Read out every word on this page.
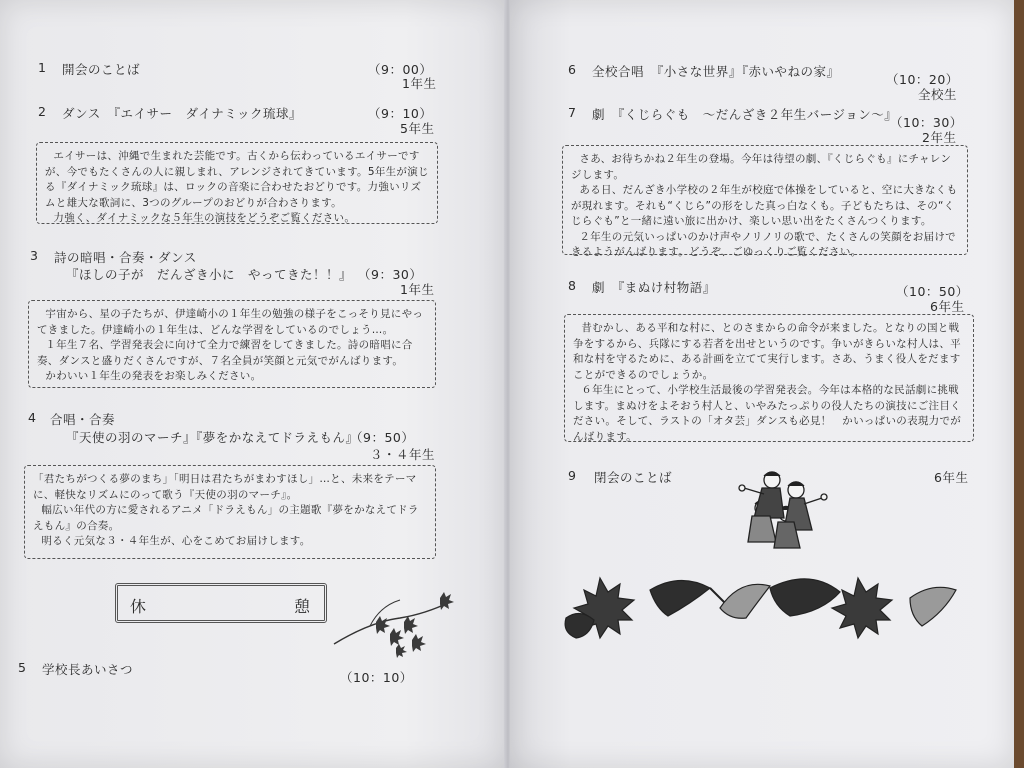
1 開会のことば	（9：00）
1年生
2 ダンス　『エイサー　ダイナミック琉球』	（9：10）
5年生

エイサーは、沖縄で生まれた芸能です。古くから伝わっているエイサーですが、今でもたくさんの人に親しまれ、アレンジされてきています。5年生が演じる『ダイナミック琉球』は、ロックの音楽に合わせたおどりです。力強いリズムと雄大な歌詞に、3つのグループのおどりが合わさります。

力強く、ダイナミックな５年生の演技をどうぞご覧ください。

3 詩の暗唱・合奏・ダンス
『ほしの子が　だんざき小に　やってきた！！』 （9：30）
1年生

宇宙から、星の子たちが、伊達崎小の１年生の勉強の様子をこっそり見にやってきました。伊達崎小の１年生は、どんな学習をしているのでしょう…。

１年生７名、学習発表会に向けて全力で練習をしてきました。詩の暗唱に合奏、ダンスと盛りだくさんですが、７名全員が笑顔と元気でがんばります。

かわいい１年生の発表をお楽しみください。

4 合唱・合奏
『天使の羽のマーチ』『夢をかなえてドラえもん』
（9：50）
３・４年生

「君たちがつくる夢のまち」「明日は君たちがまわすほし」…と、未来をテーマに、軽快なリズムにのって歌う『天使の羽のマーチ』。

幅広い年代の方に愛されるアニメ「ドラえもん」の主題歌『夢をかなえてドラえもん』の合奏。

明るく元気な３・４年生が、心をこめてお届けします。

休	憩
5 学校長あいさつ
（10：10）
6 全校合唱　『小さな世界』『赤いやねの家』
（10：20）
全校生
7 劇　『くじらぐも　～だんざき２年生バージョン～』
（10：30）
2年生

さあ、お待ちかね２年生の登場。今年は待望の劇、『くじらぐも』にチャレンジします。

ある日、だんざき小学校の２年生が校庭で体操をしていると、空に大きなくもが現れます。それも“くじら”の形をした真っ白なくも。子どもたちは、その“くじらぐも”と一緒に遠い旅に出かけ、楽しい思い出をたくさんつくります。

２年生の元気いっぱいのかけ声やノリノリの歌で、たくさんの笑顔をお届けできるようがんばります。どうぞ、ごゆっくりご覧ください。

8 劇　『まぬけ村物語』	（10：50）
6年生

昔むかし、ある平和な村に、とのさまからの命令が来ました。となりの国と戦争をするから、兵隊にする若者を出せというのです。争いがきらいな村人は、平和な村を守るために、ある計画を立てて実行します。さあ、うまく役人をだますことができるのでしょうか。

６年生にとって、小学校生活最後の学習発表会。今年は本格的な民話劇に挑戦します。まぬけをよそおう村人と、いやみたっぷりの役人たちの演技にご注目ください。そして、ラストの「オタ芸」ダンスも必見！　かいっぱいの表現力でがんばります。

9 閉会のことば	6年生
